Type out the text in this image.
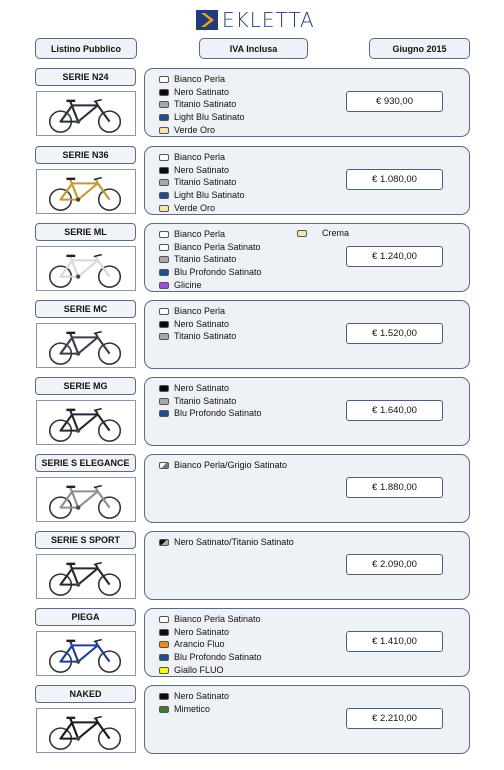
EKLETTA
Listino Pubblico	IVA Inclusa	Giugno 2015
SERIE N24	Bianco Perla
Nero Satinato
Titanio Satinato
Light Blu Satinato
Verde Oro
€ 930,00
SERIE N36	Bianco Perla
Nero Satinato
Titanio Satinato
Light Blu Satinato
Verde Oro
€ 1.080,00
SERIE ML	Bianco Perla
Bianco Perla Satinato
Titanio Satinato
Blu Profondo Satinato
Glicine
Crema
€ 1.240,00
SERIE MC	Bianco Perla
Nero Satinato
Titanio Satinato	€ 1.520,00
SERIE MG	Nero Satinato
Titanio Satinato
Blu Profondo Satinato	€ 1.640,00
SERIE S ELEGANCE	Bianco Perla/Grigio Satinato
€ 1.880,00
SERIE S SPORT	Nero Satinato/Titanio Satinato
€ 2.090,00
PIEGA	Bianco Perla Satinato
Nero Satinato
Arancio Fluo
Blu Profondo Satinato
Giallo FLUO
€ 1.410,00
NAKED	Nero Satinato
Mimetico
€ 2.210,00
